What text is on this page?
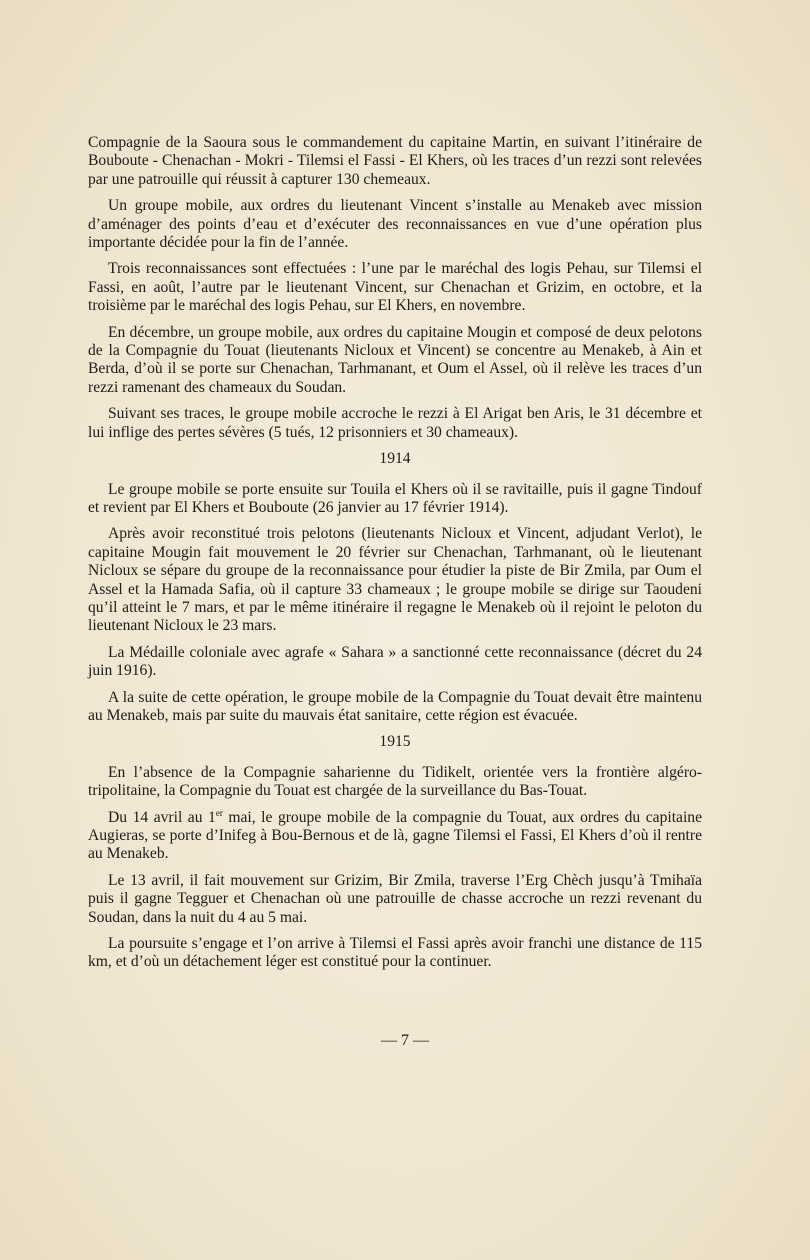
Compagnie de la Saoura sous le commandement du capitaine Martin, en suivant l’itinéraire de Bouboute - Chenachan - Mokri - Tilemsi el Fassi - El Khers, où les traces d’un rezzi sont relevées par une patrouille qui réussit à capturer 130 chemeaux.

Un groupe mobile, aux ordres du lieutenant Vincent s’installe au Menakeb avec mission d’aménager des points d’eau et d’exécuter des reconnaissances en vue d’une opération plus importante décidée pour la fin de l’année.

Trois reconnaissances sont effectuées : l’une par le maréchal des logis Pehau, sur Tilemsi el Fassi, en août, l’autre par le lieutenant Vincent, sur Chenachan et Grizim, en octobre, et la troisième par le maréchal des logis Pehau, sur El Khers, en novembre.

En décembre, un groupe mobile, aux ordres du capitaine Mougin et composé de deux pelotons de la Compagnie du Touat (lieutenants Nicloux et Vincent) se concentre au Menakeb, à Ain et Berda, d’où il se porte sur Chenachan, Tarhmanant, et Oum el Assel, où il relève les traces d’un rezzi ramenant des chameaux du Soudan.

Suivant ses traces, le groupe mobile accroche le rezzi à El Arigat ben Aris, le 31 décembre et lui inflige des pertes sévères (5 tués, 12 prisonniers et 30 chameaux).

1914

Le groupe mobile se porte ensuite sur Touila el Khers où il se ravitaille, puis il gagne Tindouf et revient par El Khers et Bouboute (26 janvier au 17 février 1914).

Après avoir reconstitué trois pelotons (lieutenants Nicloux et Vincent, adjudant Verlot), le capitaine Mougin fait mouvement le 20 février sur Chenachan, Tarhmanant, où le lieutenant Nicloux se sépare du groupe de la reconnaissance pour étudier la piste de Bir Zmila, par Oum el Assel et la Hamada Safia, où il capture 33 chameaux ; le groupe mobile se dirige sur Taoudeni qu’il atteint le 7 mars, et par le même itinéraire il regagne le Menakeb où il rejoint le peloton du lieutenant Nicloux le 23 mars.

La Médaille coloniale avec agrafe « Sahara » a sanctionné cette reconnaissance (décret du 24 juin 1916).

A la suite de cette opération, le groupe mobile de la Compagnie du Touat devait être maintenu au Menakeb, mais par suite du mauvais état sanitaire, cette région est évacuée.

1915

En l’absence de la Compagnie saharienne du Tidikelt, orientée vers la frontière algéro-tripolitaine, la Compagnie du Touat est chargée de la surveillance du Bas-Touat.

Du 14 avril au 1er mai, le groupe mobile de la compagnie du Touat, aux ordres du capitaine Augieras, se porte d’Inifeg à Bou-Bernous et de là, gagne Tilemsi el Fassi, El Khers d’où il rentre au Menakeb.

Le 13 avril, il fait mouvement sur Grizim, Bir Zmila, traverse l’Erg Chèch jusqu’à Tmihaïa puis il gagne Tegguer et Chenachan où une patrouille de chasse accroche un rezzi revenant du Soudan, dans la nuit du 4 au 5 mai.

La poursuite s’engage et l’on arrive à Tilemsi el Fassi après avoir franchi une distance de 115 km, et d’où un détachement léger est constitué pour la continuer.

— 7 —
